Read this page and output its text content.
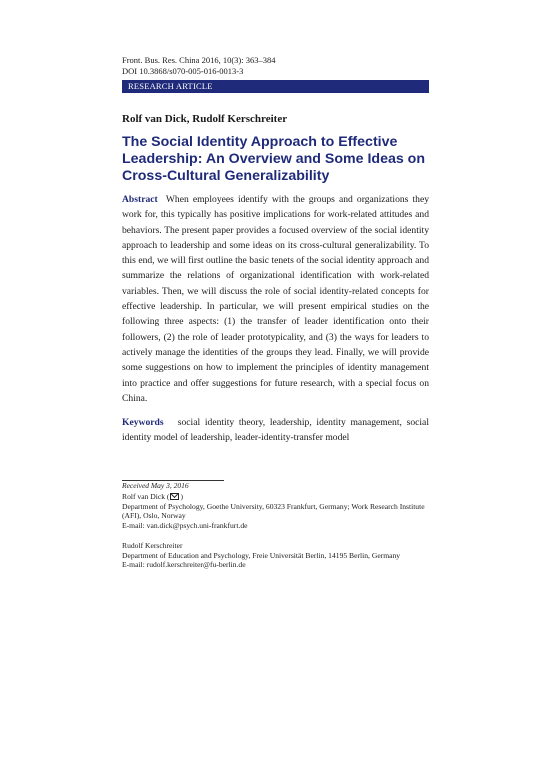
Front. Bus. Res. China 2016, 10(3): 363–384
DOI 10.3868/s070-005-016-0013-3
RESEARCH ARTICLE
Rolf van Dick, Rudolf Kerschreiter
The Social Identity Approach to Effective
Leadership: An Overview and Some Ideas on
Cross-Cultural Generalizability
Abstract When employees identify with the groups and organizations they work for, this typically has positive implications for work-related attitudes and behaviors. The present paper provides a focused overview of the social identity approach to leadership and some ideas on its cross-cultural generalizability. To this end, we will first outline the basic tenets of the social identity approach and summarize the relations of organizational identification with work-related variables. Then, we will discuss the role of social identity-related concepts for effective leadership. In particular, we will present empirical studies on the following three aspects: (1) the transfer of leader identification onto their followers, (2) the role of leader prototypicality, and (3) the ways for leaders to actively manage the identities of the groups they lead. Finally, we will provide some suggestions on how to implement the principles of identity management into practice and offer suggestions for future research, with a special focus on China.
Keywords social identity theory, leadership, identity management, social identity model of leadership, leader-identity-transfer model
Received May 3, 2016
Rolf van Dick ( )
Department of Psychology, Goethe University, 60323 Frankfurt, Germany; Work Research Institute (AFI), Oslo, Norway
E-mail: van.dick@psych.uni-frankfurt.de
Rudolf Kerschreiter
Department of Education and Psychology, Freie Universität Berlin, 14195 Berlin, Germany
E-mail: rudolf.kerschreiter@fu-berlin.de
